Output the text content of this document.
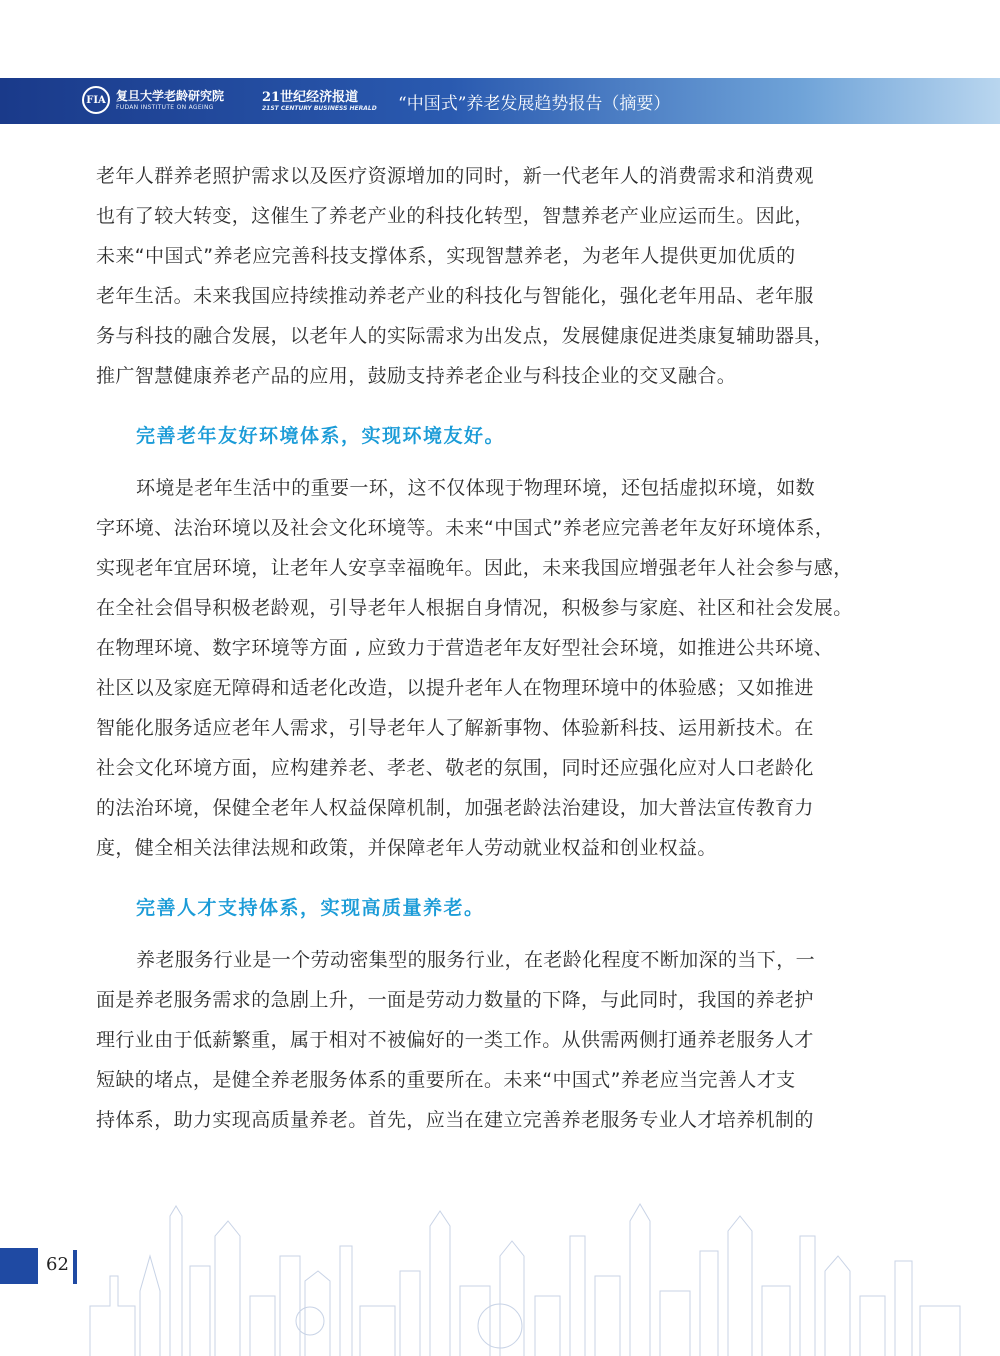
FIA 复旦大学老龄研究院
FUDAN INSTITUTE ON AGEING
21世纪经济报道
21ST CENTURY BUSINESS HERALD “中国式”养老发展趋势报告（摘要）

老年人群养老照护需求以及医疗资源增加的同时，新一代老年人的消费需求和消费观
也有了较大转变，这催生了养老产业的科技化转型，智慧养老产业应运而生。因此，
未来“中国式”养老应完善科技支撑体系，实现智慧养老，为老年人提供更加优质的
老年生活。未来我国应持续推动养老产业的科技化与智能化，强化老年用品、老年服
务与科技的融合发展，以老年人的实际需求为出发点，发展健康促进类康复辅助器具，
推广智慧健康养老产品的应用，鼓励支持养老企业与科技企业的交叉融合。

完善老年友好环境体系，实现环境友好。

环境是老年生活中的重要一环，这不仅体现于物理环境，还包括虚拟环境，如数
字环境、法治环境以及社会文化环境等。未来“中国式”养老应完善老年友好环境体系，
实现老年宜居环境，让老年人安享幸福晚年。因此，未来我国应增强老年人社会参与感，
在全社会倡导积极老龄观，引导老年人根据自身情况，积极参与家庭、社区和社会发展。
在物理环境、数字环境等方面 , 应致力于营造老年友好型社会环境，如推进公共环境、
社区以及家庭无障碍和适老化改造，以提升老年人在物理环境中的体验感；又如推进
智能化服务适应老年人需求，引导老年人了解新事物、体验新科技、运用新技术。在
社会文化环境方面，应构建养老、孝老、敬老的氛围，同时还应强化应对人口老龄化
的法治环境，保健全老年人权益保障机制，加强老龄法治建设，加大普法宣传教育力
度，健全相关法律法规和政策，并保障老年人劳动就业权益和创业权益。

完善人才支持体系，实现高质量养老。

养老服务行业是一个劳动密集型的服务行业，在老龄化程度不断加深的当下，一
面是养老服务需求的急剧上升，一面是劳动力数量的下降，与此同时，我国的养老护
理行业由于低薪繁重，属于相对不被偏好的一类工作。从供需两侧打通养老服务人才
短缺的堵点，是健全养老服务体系的重要所在。未来“中国式”养老应当完善人才支
持体系，助力实现高质量养老。首先，应当在建立完善养老服务专业人才培养机制的

62
